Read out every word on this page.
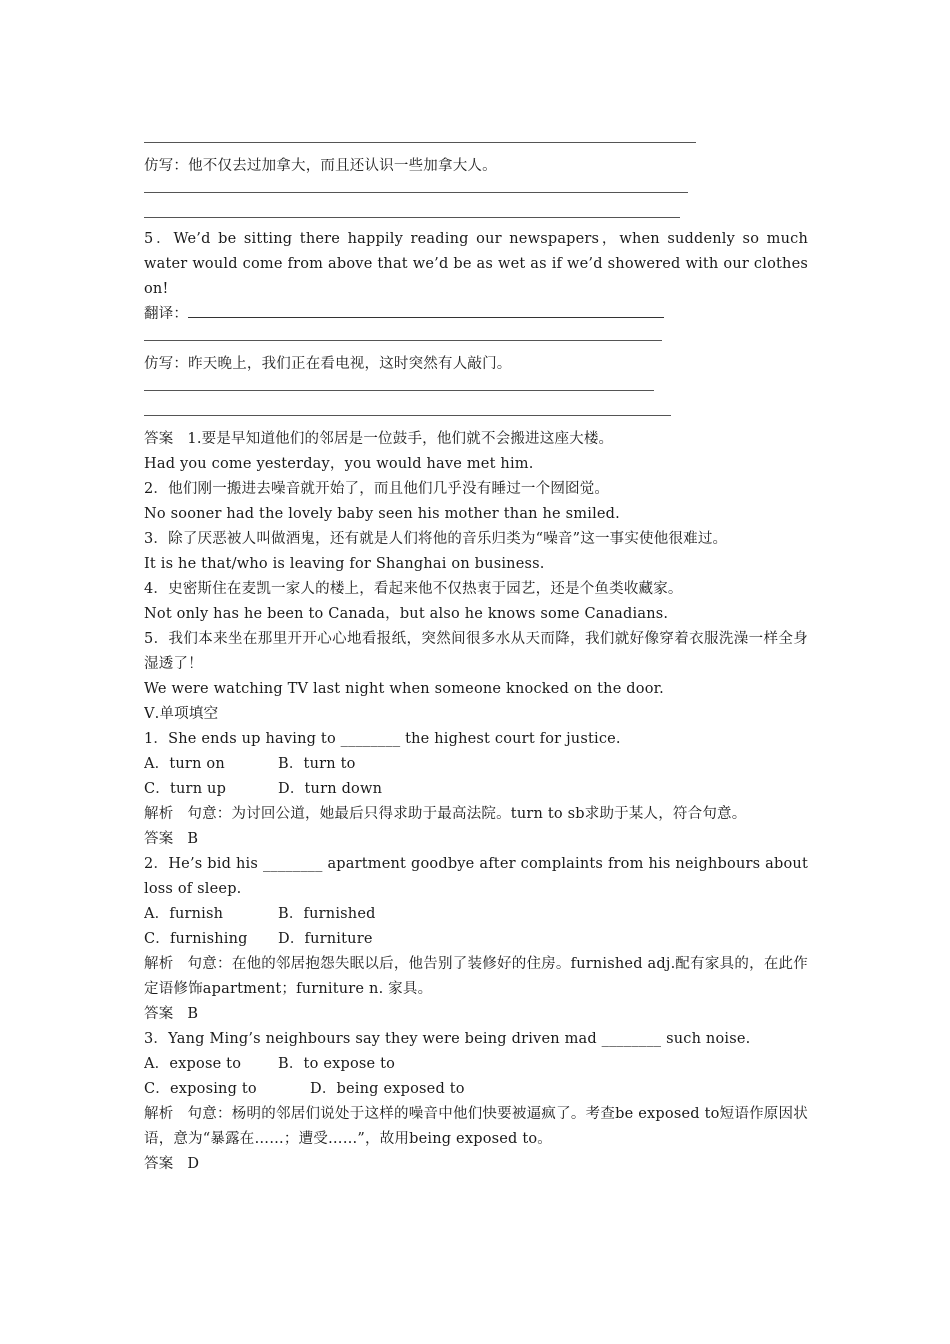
仿写：他不仅去过加拿大，而且还认识一些加拿大人。
5．We’d be sitting there happily reading our newspapers，when suddenly so much water would come from above that we’d be as wet as if we’d showered with our clothes on!
翻译：
仿写：昨天晚上，我们正在看电视，这时突然有人敲门。
答案 1.要是早知道他们的邻居是一位鼓手，他们就不会搬进这座大楼。
Had you come yesterday，you would have met him.
2．他们刚一搬进去噪音就开始了，而且他们几乎没有睡过一个囫囵觉。
No sooner had the lovely baby seen his mother than he smiled.
3．除了厌恶被人叫做酒鬼，还有就是人们将他的音乐归类为“噪音”这一事实使他很难过。
It is he that/who is leaving for Shanghai on business.
4．史密斯住在麦凯一家人的楼上，看起来他不仅热衷于园艺，还是个鱼类收藏家。
Not only has he been to Canada，but also he knows some Canadians.
5．我们本来坐在那里开开心心地看报纸，突然间很多水从天而降，我们就好像穿着衣服洗澡一样全身湿透了！
We were watching TV last night when someone knocked on the door.
Ⅴ.单项填空
1．She ends up having to ________ the highest court for justice.
A．turn on	B．turn to
C．turn up	D．turn down
解析 句意：为讨回公道，她最后只得求助于最高法院。turn to sb求助于某人，符合句意。
答案 B
2．He’s bid his ________ apartment goodbye after complaints from his neighbours about loss of sleep.
A．furnish	B．furnished
C．furnishing D．furniture
解析 句意：在他的邻居抱怨失眠以后，他告别了装修好的住房。furnished adj.配有家具的，在此作定语修饰apartment；furniture n. 家具。
答案 B
3．Yang Ming’s neighbours say they were being driven mad ________ such noise.
A．expose to	B．to expose to
C．exposing to	D．being exposed to
解析 句意：杨明的邻居们说处于这样的噪音中他们快要被逼疯了。考查be exposed to短语作原因状语，意为“暴露在……；遭受……”，故用being exposed to。
答案 D
